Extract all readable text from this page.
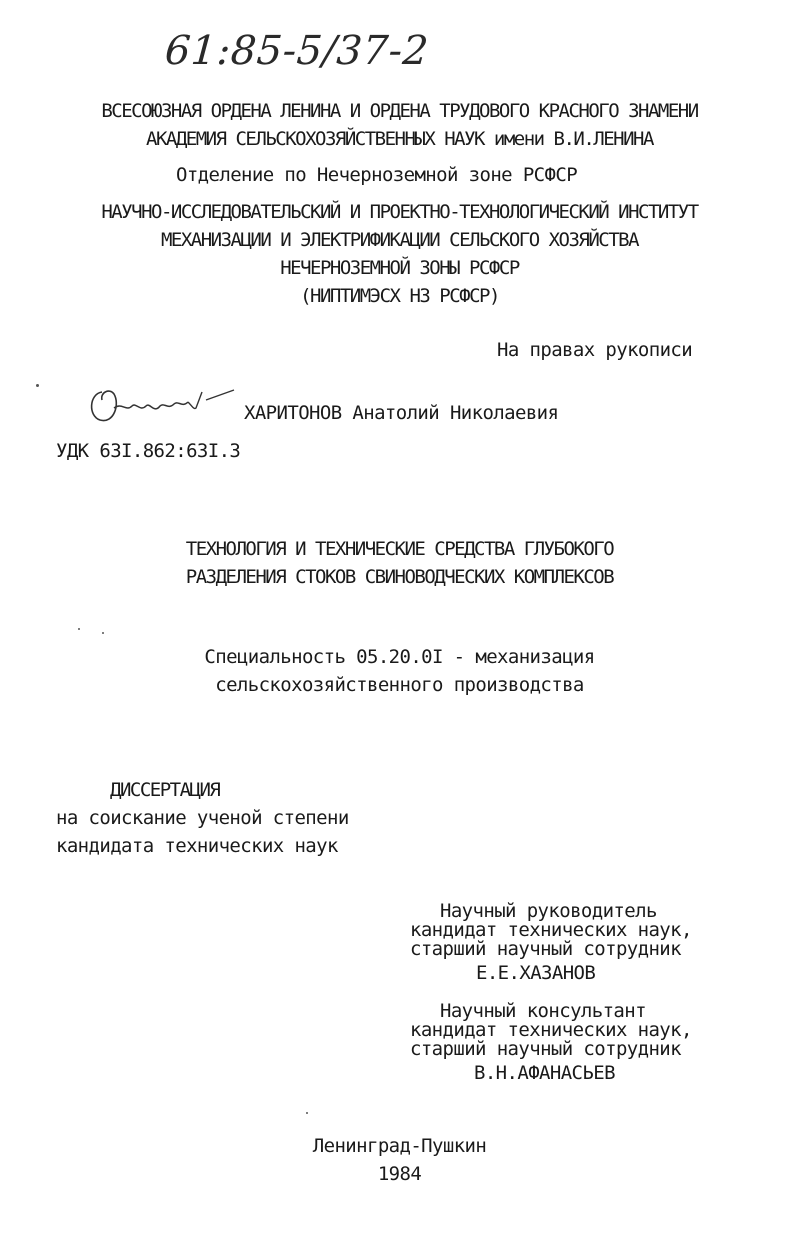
61:85-5/37-2
ВСЕСОЮЗНАЯ ОРДЕНА ЛЕНИНА И ОРДЕНА ТРУДОВОГО КРАСНОГО ЗНАМЕНИ
АКАДЕМИЯ СЕЛЬСКОХОЗЯЙСТВЕННЫХ НАУК имени В.И.ЛЕНИНА
Отделение по Нечерноземной зоне РСФСР
НАУЧНО-ИССЛЕДОВАТЕЛЬСКИЙ И ПРОЕКТНО-ТЕХНОЛОГИЧЕСКИЙ ИНСТИТУТ
МЕХАНИЗАЦИИ И ЭЛЕКТРИФИКАЦИИ СЕЛЬСКОГО ХОЗЯЙСТВА
НЕЧЕРНОЗЕМНОЙ ЗОНЫ РСФСР
(НИПТИМЭСХ НЗ РСФСР)
На правах рукописи
ХАРИТОНОВ Анатолий Николаевия
УДК 63I.862:63I.3
ТЕХНОЛОГИЯ И ТЕХНИЧЕСКИЕ СРЕДСТВА ГЛУБОКОГО
РАЗДЕЛЕНИЯ СТОКОВ СВИНОВОДЧЕСКИХ КОМПЛЕКСОВ
Специальность 05.20.0I - механизация
сельскохозяйственного производства
ДИССЕРТАЦИЯ
на соискание ученой степени
кандидата технических наук
Научный руководитель
кандидат технических наук,
старший научный сотрудник
Е.Е.ХАЗАНОВ
Научный консультант
кандидат технических наук,
старший научный сотрудник
В.Н.АФАНАСЬЕВ
Ленинград-Пушкин
1984
